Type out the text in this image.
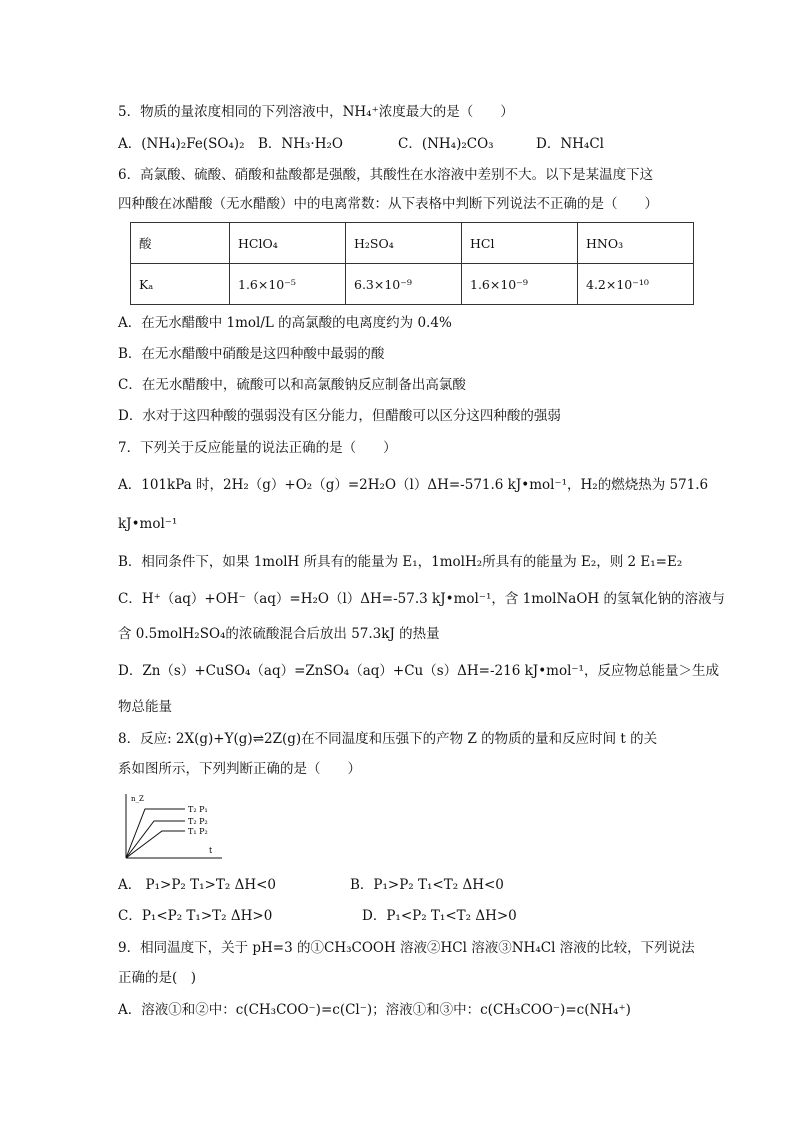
5．物质的量浓度相同的下列溶液中，NH₄⁺浓度最大的是（　　）
A．(NH₄)₂Fe(SO₄)₂ B．NH₃·H₂O	C．(NH₄)₂CO₃	D．NH₄Cl
6．高氯酸、硫酸、硝酸和盐酸都是强酸，其酸性在水溶液中差别不大。以下是某温度下这
四种酸在冰醋酸（无水醋酸）中的电离常数：从下表格中判断下列说法不正确的是（　　）
酸	HClO₄	H₂SO₄	HCl	HNO₃
Kₐ	1.6×10⁻⁵	6.3×10⁻⁹	1.6×10⁻⁹	4.2×10⁻¹⁰
A．在无水醋酸中 1mol/L 的高氯酸的电离度约为 0.4%
B．在无水醋酸中硝酸是这四种酸中最弱的酸
C．在无水醋酸中，硫酸可以和高氯酸钠反应制备出高氯酸
D．水对于这四种酸的强弱没有区分能力，但醋酸可以区分这四种酸的强弱
7．下列关于反应能量的说法正确的是（　　）
A．101kPa 时，2H₂（g）+O₂（g）=2H₂O（l）ΔH=-571.6 kJ•mol⁻¹，H₂的燃烧热为 571.6
kJ•mol⁻¹
B．相同条件下，如果 1molH 所具有的能量为 E₁，1molH₂所具有的能量为 E₂，则 2 E₁=E₂
C．H⁺（aq）+OH⁻（aq）=H₂O（l）ΔH=-57.3 kJ•mol⁻¹，含 1molNaOH 的氢氧化钠的溶液与
含 0.5molH₂SO₄的浓硫酸混合后放出 57.3kJ 的热量
D．Zn（s）+CuSO₄（aq）=ZnSO₄（aq）+Cu（s）ΔH=-216 kJ•mol⁻¹，反应物总能量＞生成
物总能量
8．反应: 2X(g)+Y(g)⇌2Z(g)在不同温度和压强下的产物 Z 的物质的量和反应时间 t 的关
系如图所示，下列判断正确的是（　　）
n_Z
t
T₂ P₁
T₂ P₂
T₁ P₂
A． P₁>P₂ T₁>T₂ ΔH<0	B．P₁>P₂ T₁<T₂ ΔH<0
C．P₁<P₂ T₁>T₂ ΔH>0	D．P₁<P₂ T₁<T₂ ΔH>0
9．相同温度下，关于 pH=3 的①CH₃COOH 溶液②HCl 溶液③NH₄Cl 溶液的比较，下列说法
正确的是(　)
A．溶液①和②中：c(CH₃COO⁻)=c(Cl⁻)；溶液①和③中：c(CH₃COO⁻)=c(NH₄⁺)
